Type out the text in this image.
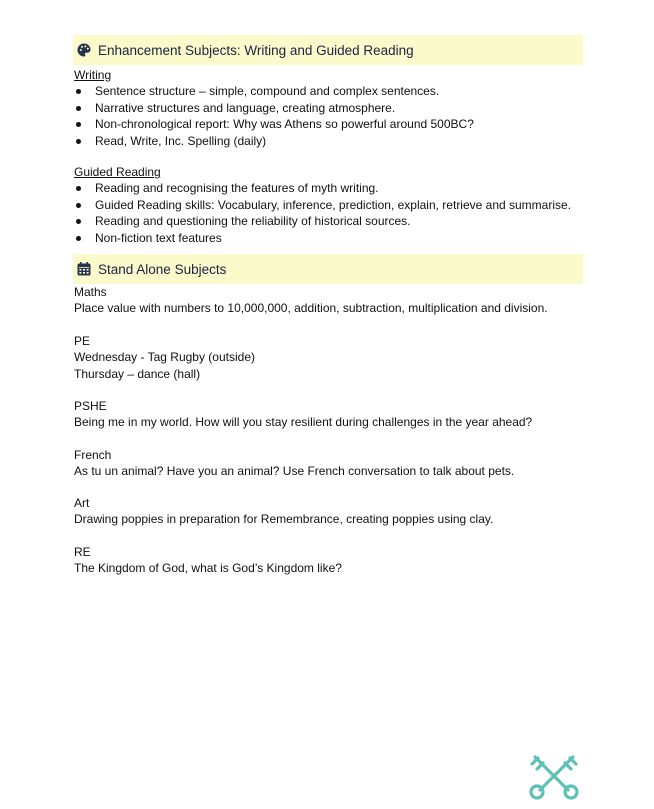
Enhancement Subjects: Writing and Guided Reading
Writing
Sentence structure – simple, compound and complex sentences.
Narrative structures and language, creating atmosphere.
Non-chronological report: Why was Athens so powerful around 500BC?
Read, Write, Inc. Spelling (daily)
Guided Reading
Reading and recognising the features of myth writing.
Guided Reading skills: Vocabulary, inference, prediction, explain, retrieve and summarise.
Reading and questioning the reliability of historical sources.
Non-fiction text features
Stand Alone Subjects
Maths
Place value with numbers to 10,000,000, addition, subtraction, multiplication and division.
PE
Wednesday - Tag Rugby (outside)
Thursday – dance (hall)
PSHE
Being me in my world. How will you stay resilient during challenges in the year ahead?
French
As tu un animal? Have you an animal? Use French conversation to talk about pets.
Art
Drawing poppies in preparation for Remembrance, creating poppies using clay.
RE
The Kingdom of God, what is God’s Kingdom like?
